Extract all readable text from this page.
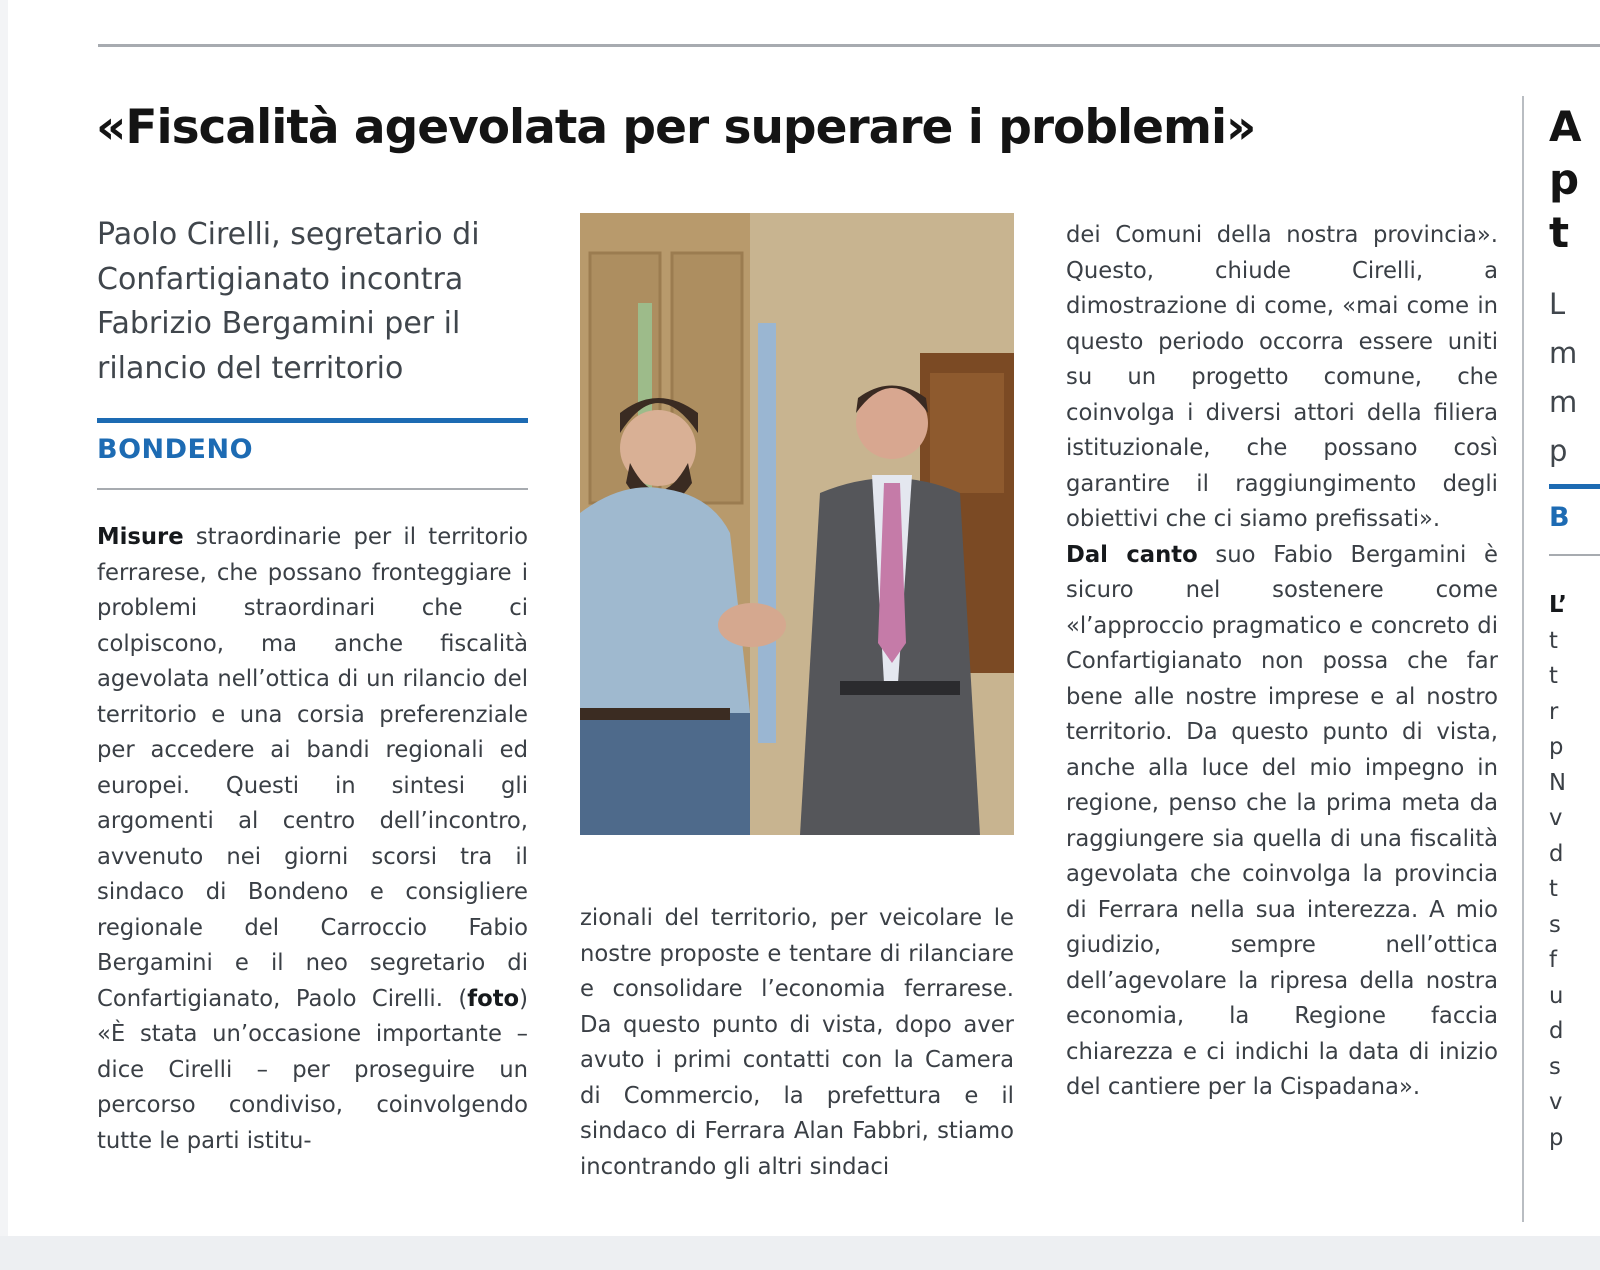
«Fiscalità agevolata per superare i problemi»
Paolo Cirelli, segretario di Confartigianato incontra Fabrizio Bergamini per il rilancio del territorio
BONDENO

Misure straordinarie per il territorio ferrarese, che possano fronteggiare i problemi straordinari che ci colpiscono, ma anche fiscalità agevolata nell’ottica di un rilancio del territorio e una corsia preferenziale per accedere ai bandi regionali ed europei. Questi in sintesi gli argomenti al centro dell’incontro, avvenuto nei giorni scorsi tra il sindaco di Bondeno e consigliere regionale del Carroccio Fabio Bergamini e il neo segretario di Confartigianato, Paolo Cirelli. (foto) «È stata un’occasione importante – dice Cirelli – per proseguire un percorso condiviso, coinvolgendo tutte le parti istitu-

zionali del territorio, per veicolare le nostre proposte e tentare di rilanciare e consolidare l’economia ferrarese. Da questo punto di vista, dopo aver avuto i primi contatti con la Camera di Commercio, la prefettura e il sindaco di Ferrara Alan Fabbri, stiamo incontrando gli altri sindaci

dei Comuni della nostra provincia». Questo, chiude Cirelli, a dimostrazione di come, «mai come in questo periodo occorra essere uniti su un progetto comune, che coinvolga i diversi attori della filiera istituzionale, che possano così garantire il raggiungimento degli obiettivi che ci siamo prefissati».

Dal canto suo Fabio Bergamini è sicuro nel sostenere come «l’approccio pragmatico e concreto di Confartigianato non possa che far bene alle nostre imprese e al nostro territorio. Da questo punto di vista, anche alla luce del mio impegno in regione, penso che la prima meta da raggiungere sia quella di una fiscalità agevolata che coinvolga la provincia di Ferrara nella sua interezza. A mio giudizio, sempre nell’ottica dell’agevolare la ripresa della nostra economia, la Regione faccia chiarezza e ci indichi la data di inizio del cantiere per la Cispadana».

A
p
t
L
m
m
p
B
L’
t
t
r
p
N
v
d
t
s
f
u
d
s
v
p
